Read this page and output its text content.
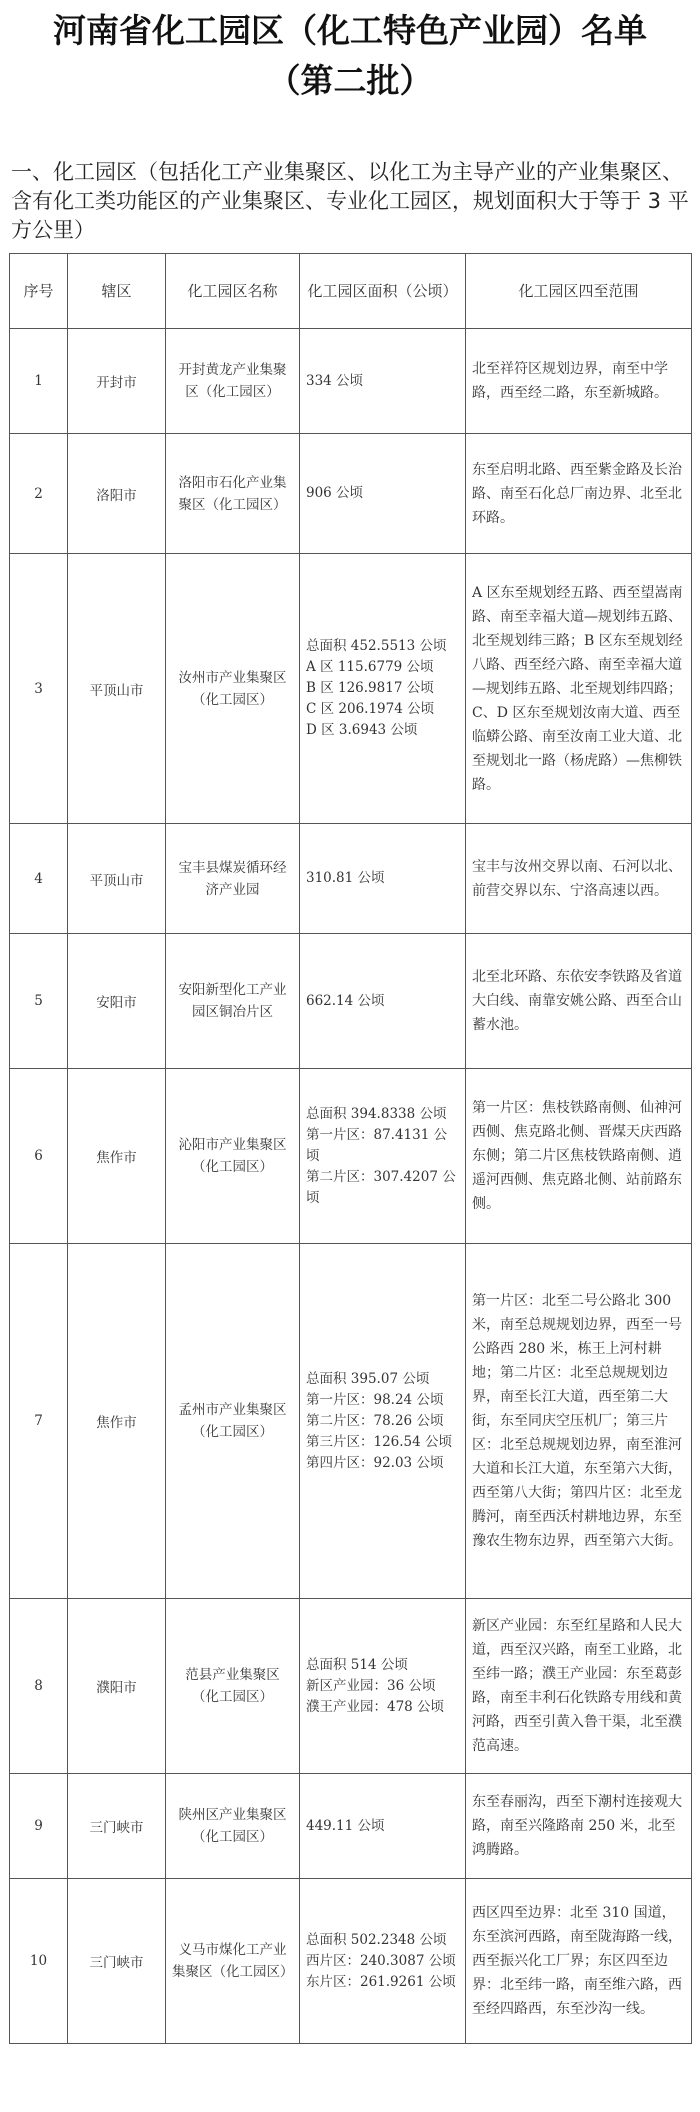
河南省化工园区（化工特色产业园）名单
（第二批）

一、化工园区（包括化工产业集聚区、以化工为主导产业的产业集聚区、含有化工类功能区的产业集聚区、专业化工园区，规划面积大于等于 3 平方公里）

序号	辖区	化工园区名称	化工园区面积（公顷）	化工园区四至范围
1	开封市	开封黄龙产业集聚区（化工园区）	334 公顷	北至祥符区规划边界，南至中学路，西至经二路，东至新城路。
2	洛阳市	洛阳市石化产业集聚区（化工园区）	906 公顷	东至启明北路、西至紫金路及长治路、南至石化总厂南边界、北至北环路。
3	平顶山市	汝州市产业集聚区（化工园区）	总面积 452.5513 公顷
A 区 115.6779 公顷
B 区 126.9817 公顷
C 区 206.1974 公顷
D 区 3.6943 公顷	A 区东至规划经五路、西至望嵩南路、南至幸福大道—规划纬五路、北至规划纬三路；B 区东至规划经八路、西至经六路、南至幸福大道—规划纬五路、北至规划纬四路；C、D 区东至规划汝南大道、西至临蟒公路、南至汝南工业大道、北至规划北一路（杨虎路）—焦柳铁路。
4	平顶山市	宝丰县煤炭循环经济产业园	310.81 公顷	宝丰与汝州交界以南、石河以北、前营交界以东、宁洛高速以西。
5	安阳市	安阳新型化工产业园区铜冶片区	662.14 公顷	北至北环路、东依安李铁路及省道大白线、南靠安姚公路、西至合山蓄水池。
6	焦作市	沁阳市产业集聚区（化工园区）	总面积 394.8338 公顷
第一片区：87.4131 公顷
第二片区：307.4207 公顷	第一片区：焦枝铁路南侧、仙神河西侧、焦克路北侧、晋煤天庆西路东侧；第二片区焦枝铁路南侧、逍遥河西侧、焦克路北侧、站前路东侧。
7	焦作市	孟州市产业集聚区（化工园区）	总面积 395.07 公顷
第一片区：98.24 公顷
第二片区：78.26 公顷
第三片区：126.54 公顷
第四片区：92.03 公顷	第一片区：北至二号公路北 300 米，南至总规规划边界，西至一号公路西 280 米，栋王上河村耕地；第二片区：北至总规规划边界，南至长江大道，西至第二大街，东至同庆空压机厂；第三片区：北至总规规划边界，南至淮河大道和长江大道，东至第六大街，西至第八大街；第四片区：北至龙腾河，南至西沃村耕地边界，东至豫农生物东边界，西至第六大街。
8	濮阳市	范县产业集聚区（化工园区）	总面积 514 公顷
新区产业园：36 公顷
濮王产业园：478 公顷	新区产业园：东至红星路和人民大道，西至汉兴路，南至工业路，北至纬一路；濮王产业园：东至葛彭路，南至丰利石化铁路专用线和黄河路，西至引黄入鲁干渠，北至濮范高速。
9	三门峡市	陕州区产业集聚区（化工园区）	449.11 公顷	东至春丽沟，西至下潮村连接观大路，南至兴隆路南 250 米，北至鸿腾路。
10	三门峡市	义马市煤化工产业集聚区（化工园区）	总面积 502.2348 公顷
西片区：240.3087 公顷
东片区：261.9261 公顷	西区四至边界：北至 310 国道，东至滨河西路，南至陇海路一线，西至振兴化工厂界；东区四至边界：北至纬一路，南至维六路，西至经四路西，东至沙沟一线。
